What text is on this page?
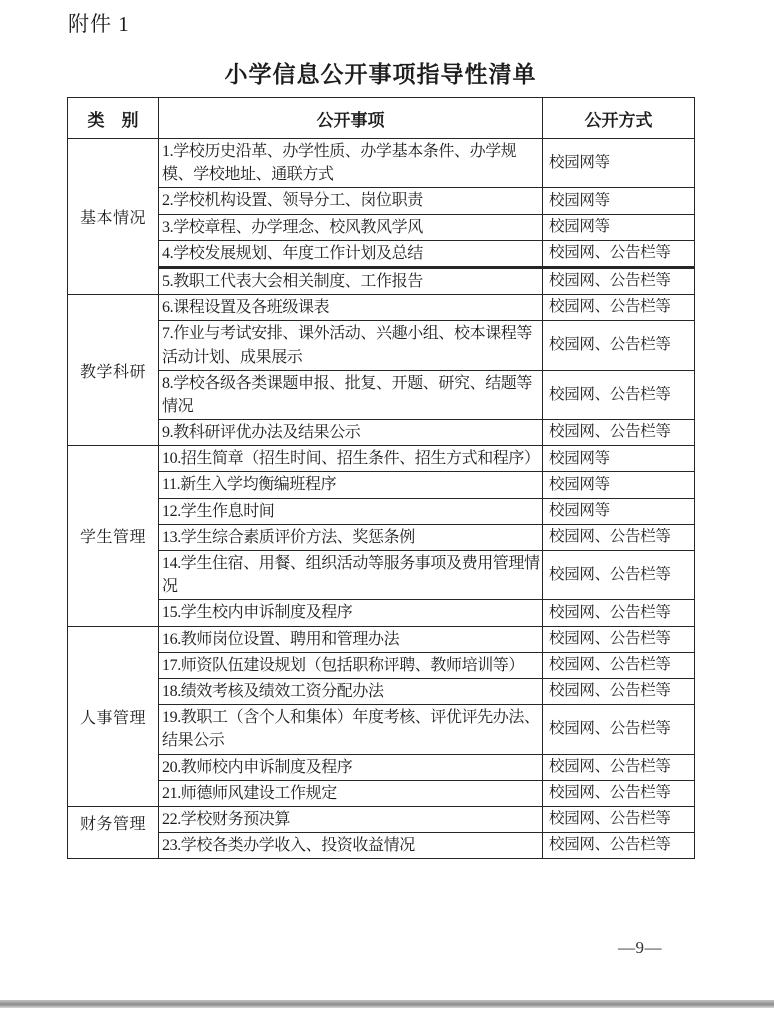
附件 1
小学信息公开事项指导性清单
类　别	公开事项	公开方式
基本情况	1.学校历史沿革、办学性质、办学基本条件、办学规模、学校地址、通联方式	校园网等
	2.学校机构设置、领导分工、岗位职责	校园网等
	3.学校章程、办学理念、校风教风学风	校园网等
	4.学校发展规划、年度工作计划及总结	校园网、公告栏等
	5.教职工代表大会相关制度、工作报告	校园网、公告栏等
教学科研	6.课程设置及各班级课表	校园网、公告栏等
	7.作业与考试安排、课外活动、兴趣小组、校本课程等活动计划、成果展示	校园网、公告栏等
	8.学校各级各类课题申报、批复、开题、研究、结题等情况	校园网、公告栏等
	9.教科研评优办法及结果公示	校园网、公告栏等
学生管理	10.招生简章（招生时间、招生条件、招生方式和程序）	校园网等
	11.新生入学均衡编班程序	校园网等
	12.学生作息时间	校园网等
	13.学生综合素质评价方法、奖惩条例	校园网、公告栏等
	14.学生住宿、用餐、组织活动等服务事项及费用管理情况	校园网、公告栏等
	15.学生校内申诉制度及程序	校园网、公告栏等
人事管理	16.教师岗位设置、聘用和管理办法	校园网、公告栏等
	17.师资队伍建设规划（包括职称评聘、教师培训等）	校园网、公告栏等
	18.绩效考核及绩效工资分配办法	校园网、公告栏等
	19.教职工（含个人和集体）年度考核、评优评先办法、结果公示	校园网、公告栏等
	20.教师校内申诉制度及程序	校园网、公告栏等
	21.师德师风建设工作规定	校园网、公告栏等
财务管理	22.学校财务预决算	校园网、公告栏等
	23.学校各类办学收入、投资收益情况	校园网、公告栏等
—9—
